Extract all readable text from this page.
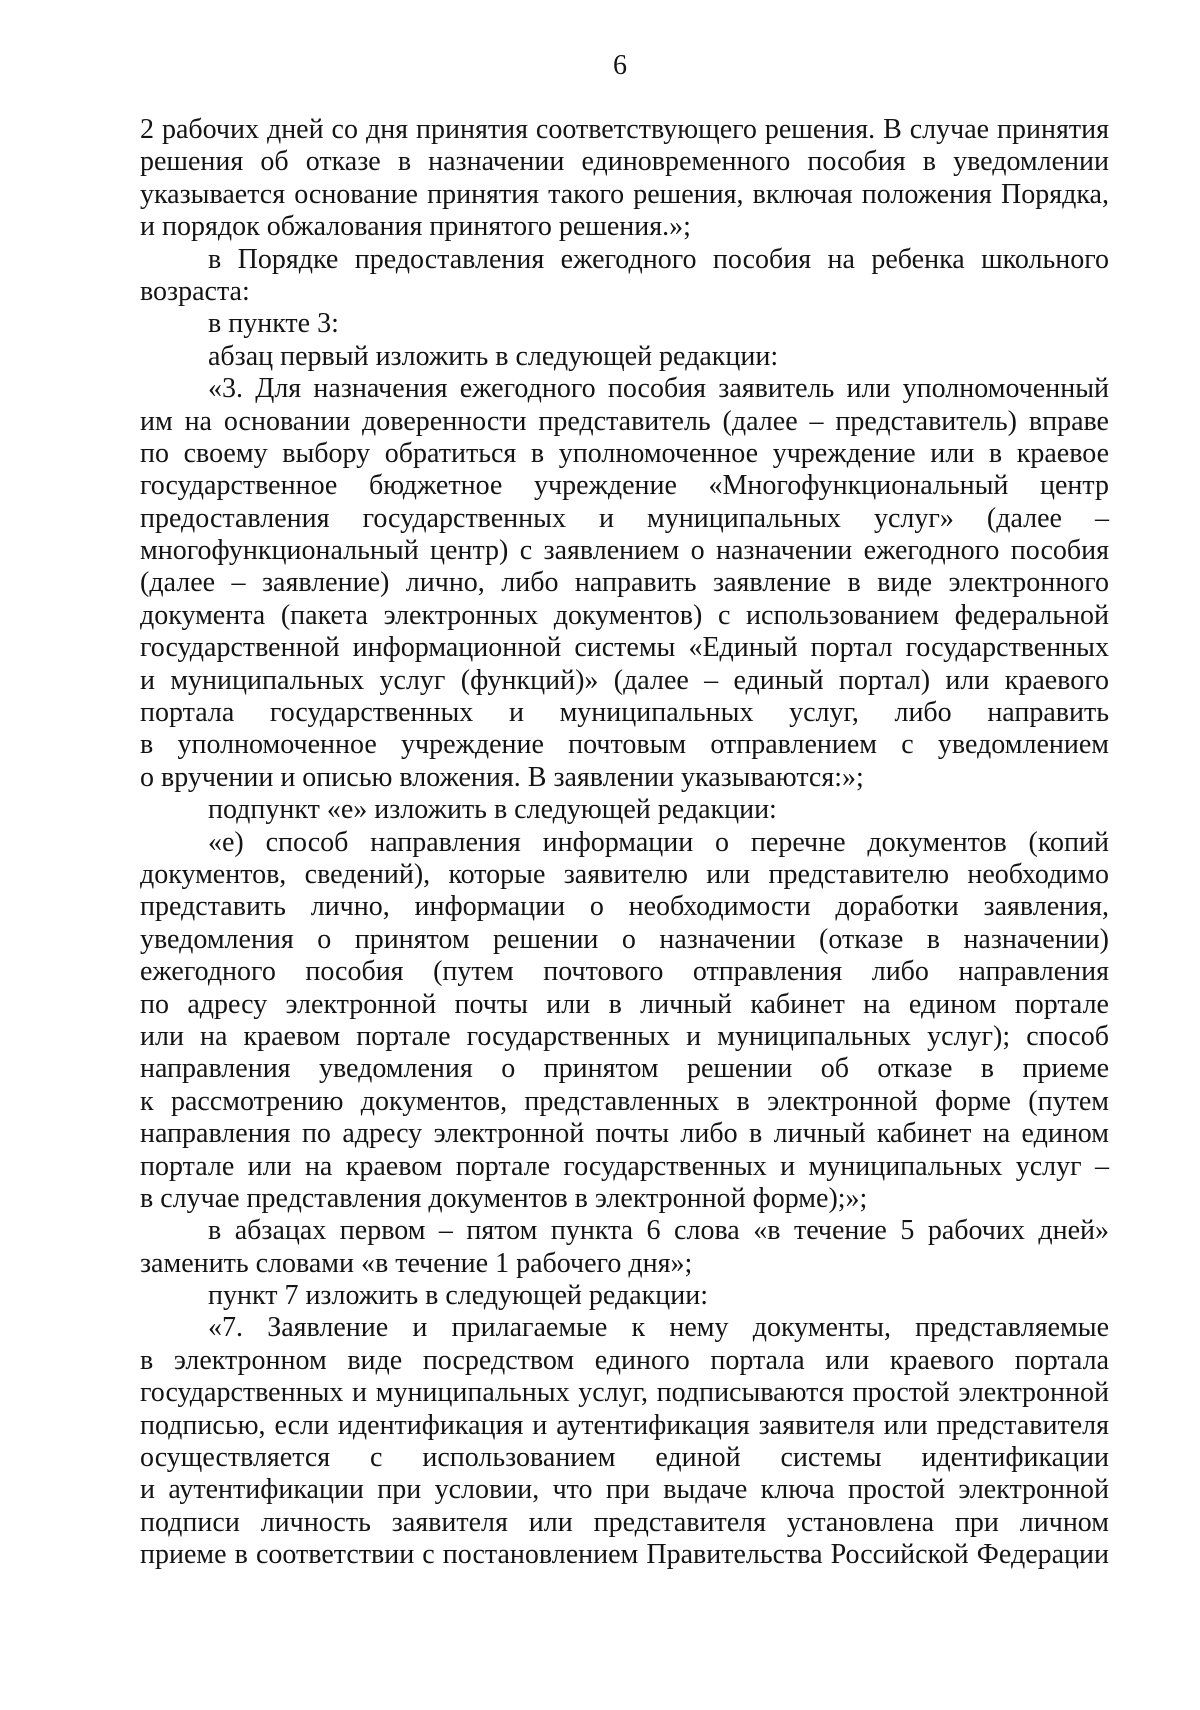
6
2 рабочих дней со дня принятия соответствующего решения. В случае принятия
решения об отказе в назначении единовременного пособия в уведомлении
указывается основание принятия такого решения, включая положения Порядка,
и порядок обжалования принятого решения.»;
в Порядке предоставления ежегодного пособия на ребенка школьного
возраста:
в пункте 3:
абзац первый изложить в следующей редакции:
«3. Для назначения ежегодного пособия заявитель или уполномоченный
им на основании доверенности представитель (далее – представитель) вправе
по своему выбору обратиться в уполномоченное учреждение или в краевое
государственное бюджетное учреждение «Многофункциональный центр
предоставления государственных и муниципальных услуг» (далее –
многофункциональный центр) с заявлением о назначении ежегодного пособия
(далее – заявление) лично, либо направить заявление в виде электронного
документа (пакета электронных документов) с использованием федеральной
государственной информационной системы «Единый портал государственных
и муниципальных услуг (функций)» (далее – единый портал) или краевого
портала государственных и муниципальных услуг, либо направить
в уполномоченное учреждение почтовым отправлением с уведомлением
о вручении и описью вложения. В заявлении указываются:»;
подпункт «е» изложить в следующей редакции:
«е) способ направления информации о перечне документов (копий
документов, сведений), которые заявителю или представителю необходимо
представить лично, информации о необходимости доработки заявления,
уведомления о принятом решении о назначении (отказе в назначении)
ежегодного пособия (путем почтового отправления либо направления
по адресу электронной почты или в личный кабинет на едином портале
или на краевом портале государственных и муниципальных услуг); способ
направления уведомления о принятом решении об отказе в приеме
к рассмотрению документов, представленных в электронной форме (путем
направления по адресу электронной почты либо в личный кабинет на едином
портале или на краевом портале государственных и муниципальных услуг –
в случае представления документов в электронной форме);»;
в абзацах первом – пятом пункта 6 слова «в течение 5 рабочих дней»
заменить словами «в течение 1 рабочего дня»;
пункт 7 изложить в следующей редакции:
«7. Заявление и прилагаемые к нему документы, представляемые
в электронном виде посредством единого портала или краевого портала
государственных и муниципальных услуг, подписываются простой электронной
подписью, если идентификация и аутентификация заявителя или представителя
осуществляется с использованием единой системы идентификации
и аутентификации при условии, что при выдаче ключа простой электронной
подписи личность заявителя или представителя установлена при личном
приеме в соответствии с постановлением Правительства Российской Федерации
